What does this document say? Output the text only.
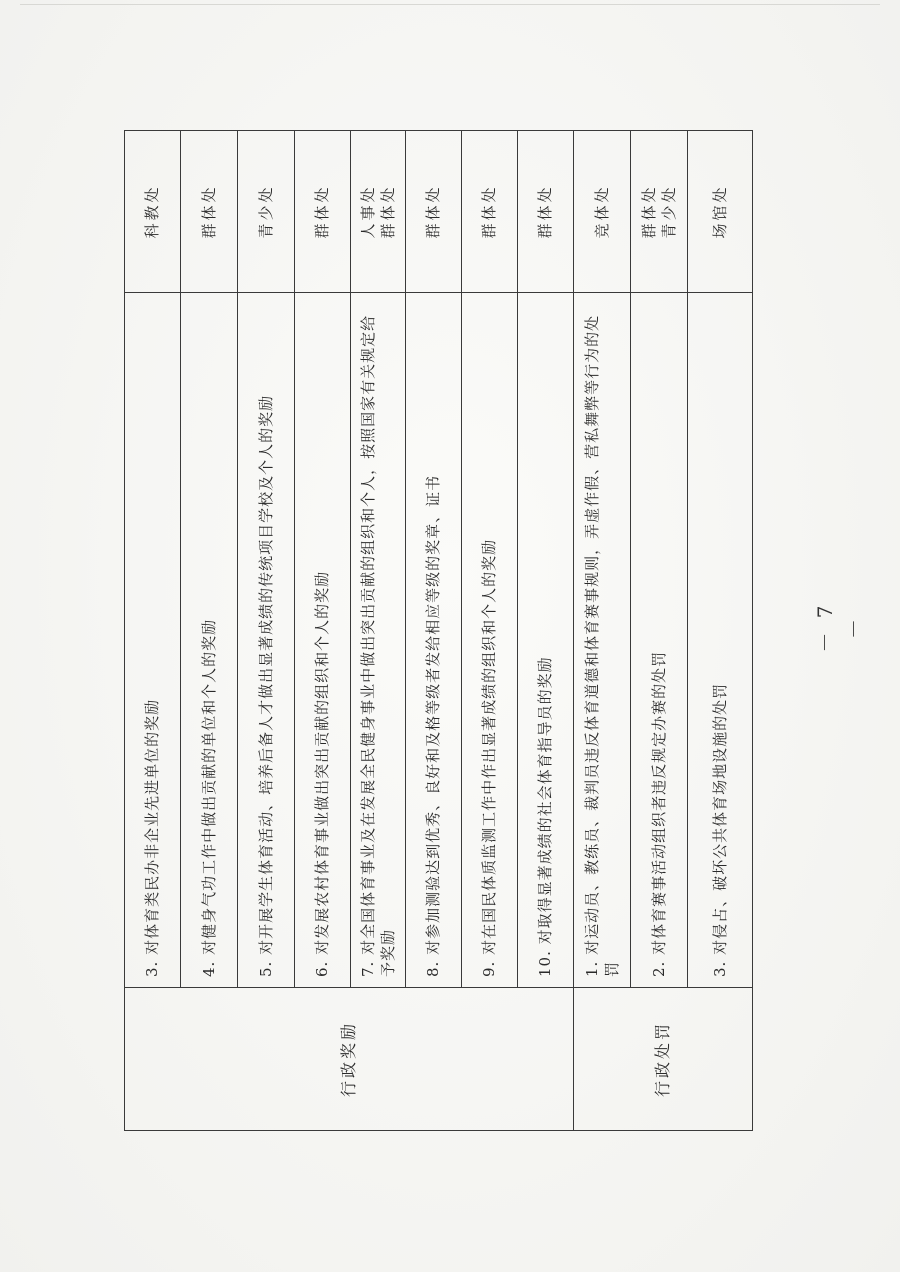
行政奖励	3. 对体育类民办非企业先进单位的奖励	科教处

	4. 对健身气功工作中做出贡献的单位和个人的奖励	群体处

	5. 对开展学生体育活动、培养后备人才做出显著成绩的传统项目学校及个人的奖励	青少处

	6. 对发展农村体育事业做出突出贡献的组织和个人的奖励	群体处

	7. 对全国体育事业及在发展全民健身事业中做出突出贡献的组织和个人，按照国家有关规定给予奖励	人事处 群体处

	8. 对参加测验达到优秀、良好和及格等级者发给相应等级的奖章、证书	群体处

	9. 对在国民体质监测工作中作出显著成绩的组织和个人的奖励	群体处

	10. 对取得显著成绩的社会体育指导员的奖励	群体处

行政处罚	1. 对运动员、教练员、裁判员违反体育道德和体育赛事规则，弄虚作假、营私舞弊等行为的处罚	竞体处

	2. 对体育赛事活动组织者违反规定办赛的处罚	群体处 青少处

	3. 对侵占、破坏公共体育场地设施的处罚	场馆处
－ 7 －
